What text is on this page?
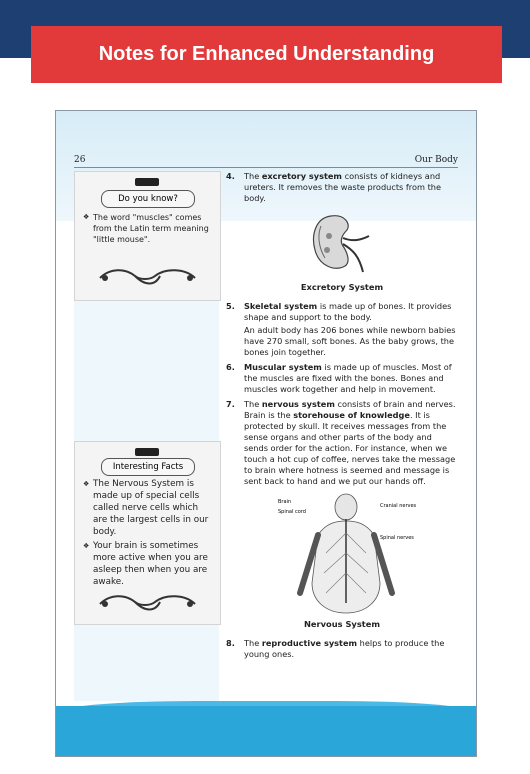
Notes for Enhanced Understanding
26	Our Body
Do you know?
❖ The word "muscles" comes from the Latin term meaning "little mouse".
Interesting Facts
❖ The Nervous System is made up of special cells called nerve cells which are the largest cells in our body.
❖ Your brain is sometimes more active when you are asleep then when you are awake.
4. The excretory system consists of kidneys and ureters. It removes the waste products from the body.
Excretory System
5. Skeletal system is made up of bones. It provides shape and support to the body.
An adult body has 206 bones while newborn babies have 270 small, soft bones. As the baby grows, the bones join together.
6. Muscular system is made up of muscles. Most of the muscles are fixed with the bones. Bones and muscles work together and help in movement.
7. The nervous system consists of brain and nerves. Brain is the storehouse of knowledge. It is protected by skull. It receives messages from the sense organs and other parts of the body and sends order for the action. For instance, when we touch a hot cup of coffee, nerves take the message to brain where hotness is seemed and message is sent back to hand and we put our hands off.
Brain
Spinal cord
Cranial nerves
Spinal nerves
Nervous System
8. The reproductive system helps to produce the young ones.
